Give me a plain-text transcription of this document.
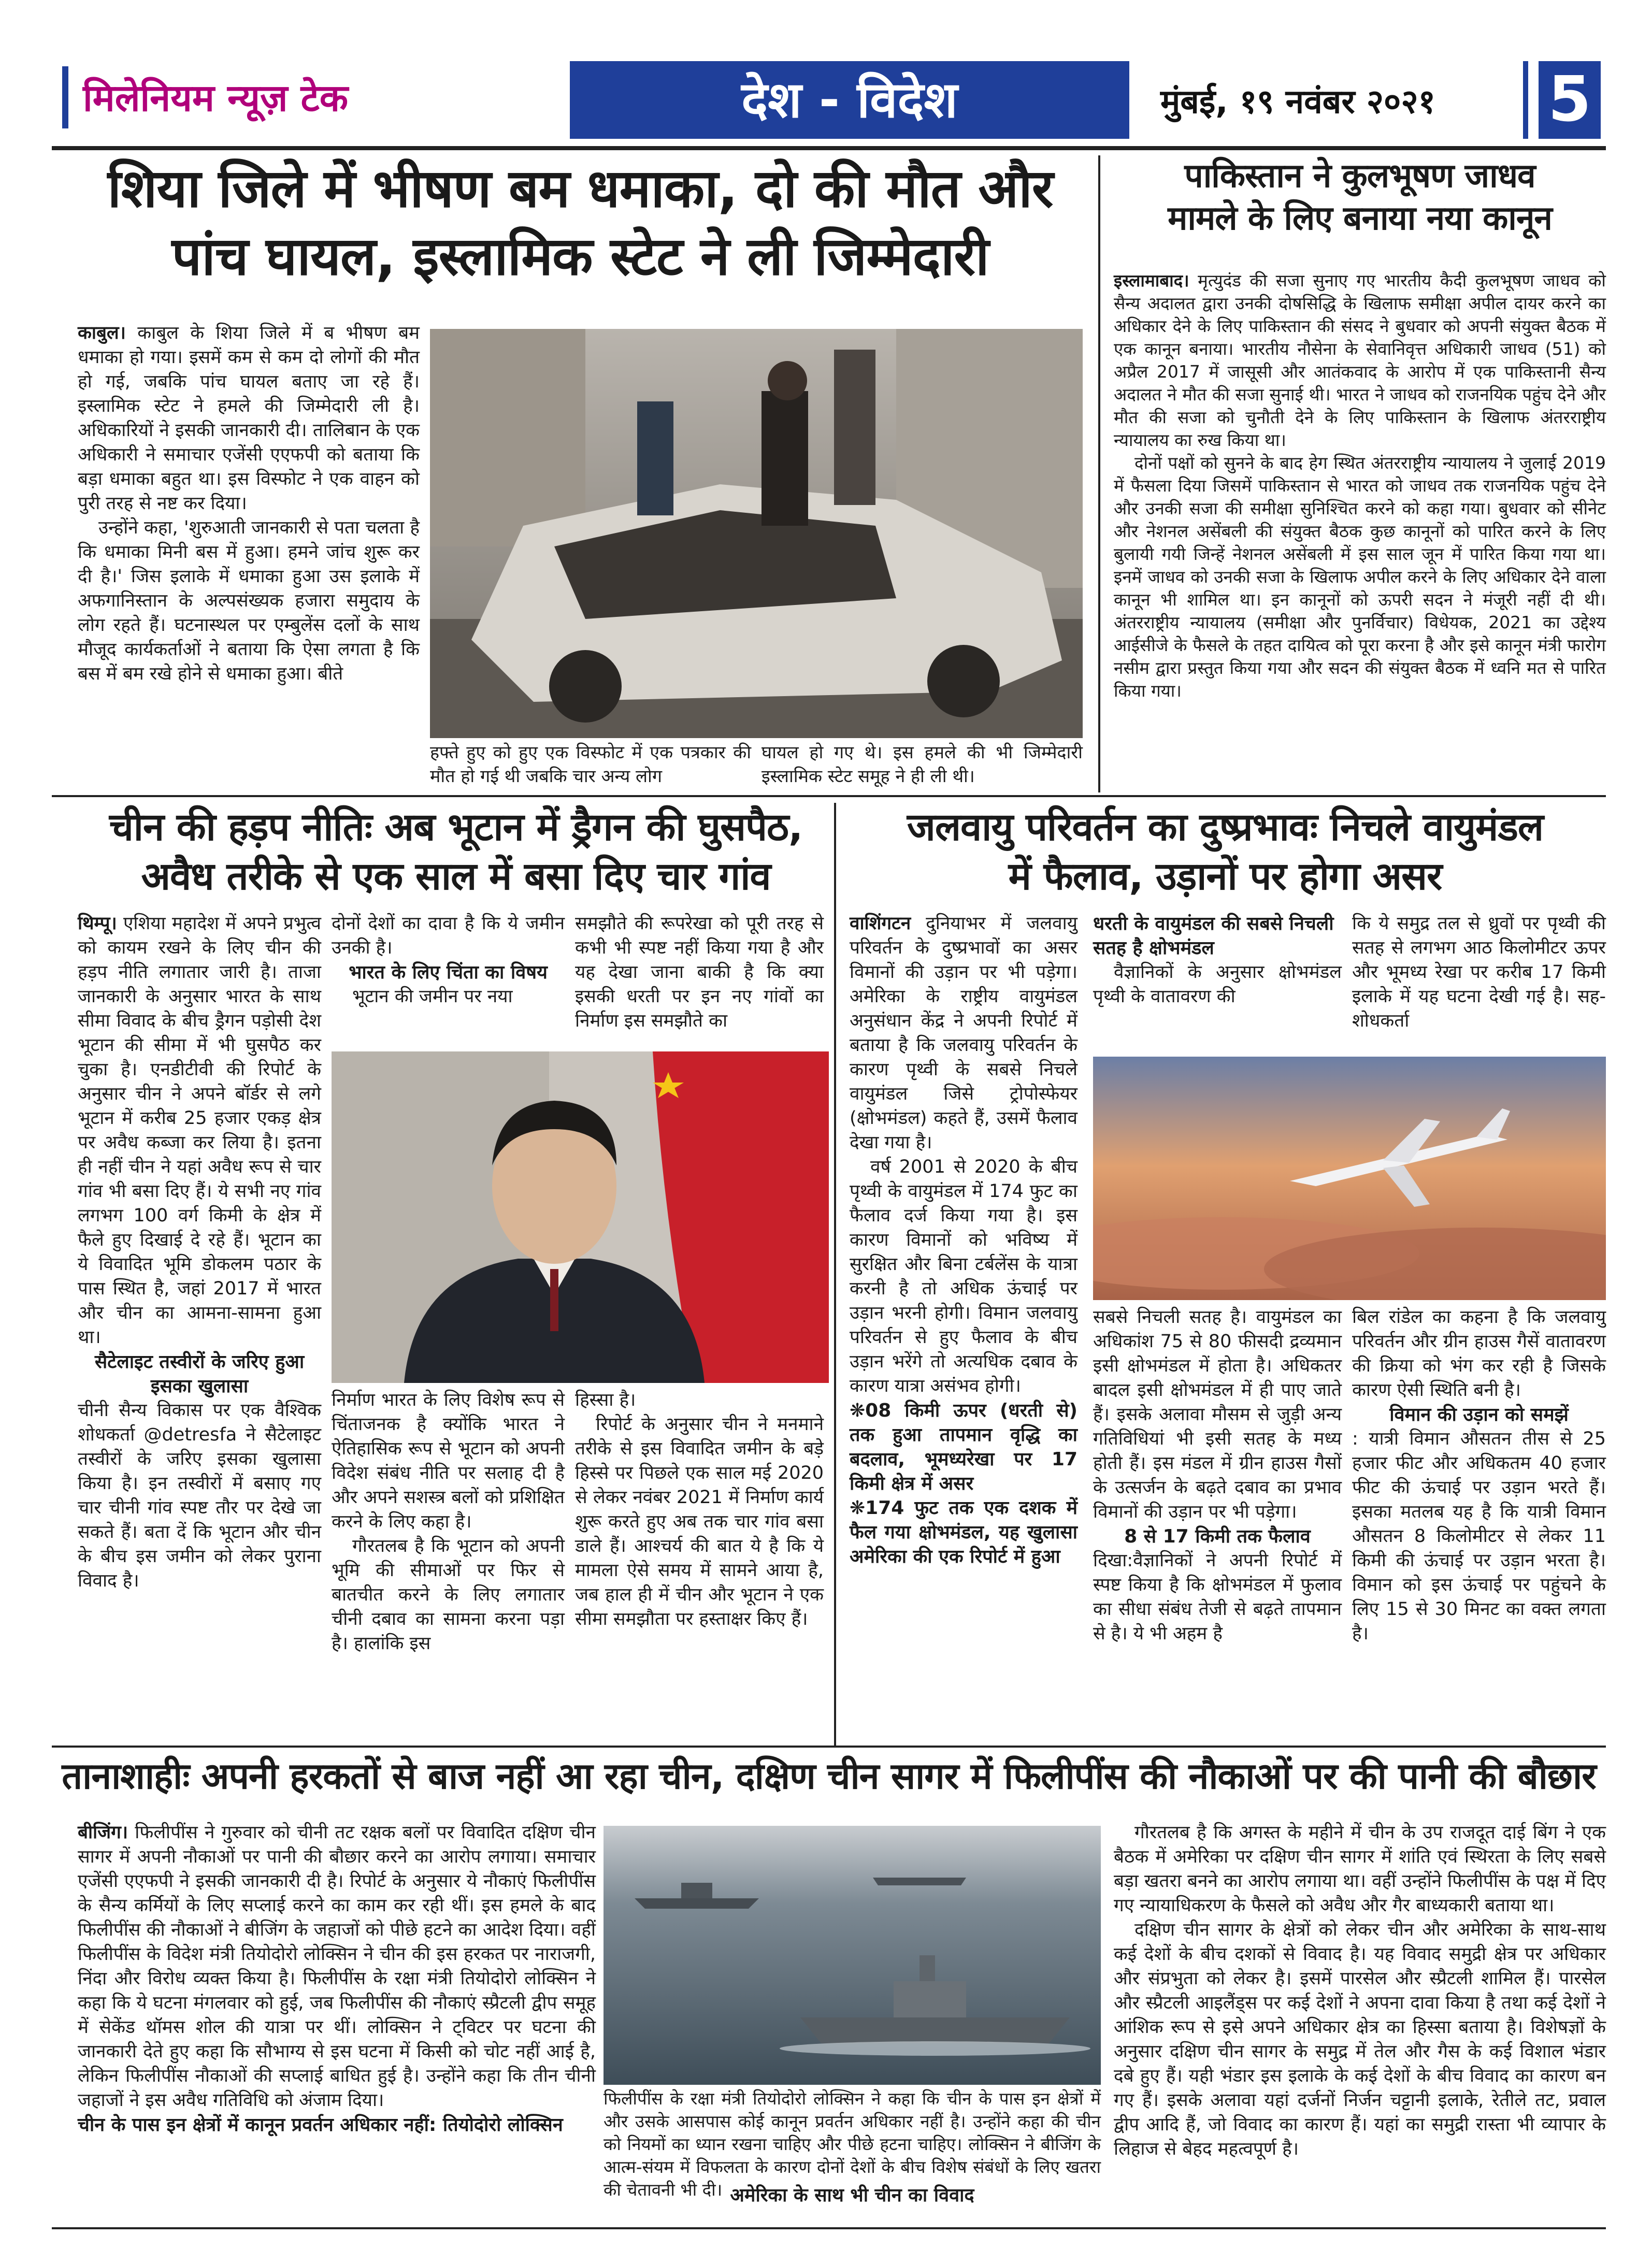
मिलेनियम न्यूज़ टेक	देश - विदेश	मुंबई, १९ नवंबर २०२१ 5

शिया जिले में भीषण बम धमाका, दो की मौत और

पांच घायल, इस्लामिक स्टेट ने ली जिम्मेदारी

काबुल। काबुल के शिया जिले में ब भीषण बम धमाका हो गया। इसमें कम से कम दो लोगों की मौत हो गई, जबकि पांच घायल बताए जा रहे हैं। इस्लामिक स्टेट ने हमले की जिम्मेदारी ली है। अधिकारियों ने इसकी जानकारी दी। तालिबान के एक अधिकारी ने समाचार एजेंसी एएफपी को बताया कि बड़ा धमाका बहुत था। इस विस्फोट ने एक वाहन को पुरी तरह से नष्ट कर दिया।

उन्होंने कहा, 'शुरुआती जानकारी से पता चलता है कि धमाका मिनी बस में हुआ। हमने जांच शुरू कर दी है।' जिस इलाके में धमाका हुआ उस इलाके में अफगानिस्तान के अल्पसंख्यक हजारा समुदाय के लोग रहते हैं। घटनास्थल पर एम्बुलेंस दलों के साथ मौजूद कार्यकर्ताओं ने बताया कि ऐसा लगता है कि बस में बम रखे होने से धमाका हुआ। बीते

हफ्ते हुए को हुए एक विस्फोट में एक पत्रकार की मौत हो गई थी जबकि चार अन्य लोग
घायल हो गए थे। इस हमले की भी जिम्मेदारी इस्लामिक स्टेट समूह ने ही ली थी।

पाकिस्तान ने कुलभूषण जाधव

मामले के लिए बनाया नया कानून

इस्लामाबाद। मृत्युदंड की सजा सुनाए गए भारतीय कैदी कुलभूषण जाधव को सैन्य अदालत द्वारा उनकी दोषसिद्धि के खिलाफ समीक्षा अपील दायर करने का अधिकार देने के लिए पाकिस्तान की संसद ने बुधवार को अपनी संयुक्त बैठक में एक कानून बनाया। भारतीय नौसेना के सेवानिवृत्त अधिकारी जाधव (51) को अप्रैल 2017 में जासूसी और आतंकवाद के आरोप में एक पाकिस्तानी सैन्य अदालत ने मौत की सजा सुनाई थी। भारत ने जाधव को राजनयिक पहुंच देने और मौत की सजा को चुनौती देने के लिए पाकिस्तान के खिलाफ अंतरराष्ट्रीय न्यायालय का रुख किया था।

दोनों पक्षों को सुनने के बाद हेग स्थित अंतरराष्ट्रीय न्यायालय ने जुलाई 2019 में फैसला दिया जिसमें पाकिस्तान से भारत को जाधव तक राजनयिक पहुंच देने और उनकी सजा की समीक्षा सुनिश्चित करने को कहा गया। बुधवार को सीनेट और नेशनल असेंबली की संयुक्त बैठक कुछ कानूनों को पारित करने के लिए बुलायी गयी जिन्हें नेशनल असेंबली में इस साल जून में पारित किया गया था। इनमें जाधव को उनकी सजा के खिलाफ अपील करने के लिए अधिकार देने वाला कानून भी शामिल था। इन कानूनों को ऊपरी सदन ने मंजूरी नहीं दी थी। अंतरराष्ट्रीय न्यायालय (समीक्षा और पुनर्विचार) विधेयक, 2021 का उद्देश्य आईसीजे के फैसले के तहत दायित्व को पूरा करना है और इसे कानून मंत्री फारोग नसीम द्वारा प्रस्तुत किया गया और सदन की संयुक्त बैठक में ध्वनि मत से पारित किया गया।

चीन की हड़प नीतिः अब भूटान में ड्रैगन की घुसपैठ,

अवैध तरीके से एक साल में बसा दिए चार गांव

थिम्पू। एशिया महादेश में अपने प्रभुत्व को कायम रखने के लिए चीन की हड़प नीति लगातार जारी है। ताजा जानकारी के अनुसार भारत के साथ सीमा विवाद के बीच ड्रैगन पड़ोसी देश भूटान की सीमा में भी घुसपैठ कर चुका है। एनडीटीवी की रिपोर्ट के अनुसार चीन ने अपने बॉर्डर से लगे भूटान में करीब 25 हजार एकड़ क्षेत्र पर अवैध कब्जा कर लिया है। इतना ही नहीं चीन ने यहां अवैध रूप से चार गांव भी बसा दिए हैं। ये सभी नए गांव लगभग 100 वर्ग किमी के क्षेत्र में फैले हुए दिखाई दे रहे हैं। भूटान का ये विवादित भूमि डोकलम पठार के पास स्थित है, जहां 2017 में भारत और चीन का आमना-सामना हुआ था।

सैटेलाइट तस्वीरों के जरिए हुआ इसका खुलासा

चीनी सैन्य विकास पर एक वैश्विक शोधकर्ता @detresfa ने सैटेलाइट तस्वीरों के जरिए इसका खुलासा किया है। इन तस्वीरों में बसाए गए चार चीनी गांव स्पष्ट तौर पर देखे जा सकते हैं। बता दें कि भूटान और चीन के बीच इस जमीन को लेकर पुराना विवाद है।

दोनों देशों का दावा है कि ये जमीन उनकी है।

भारत के लिए चिंता का विषय

भूटान की जमीन पर नया

समझौते की रूपरेखा को पूरी तरह से कभी भी स्पष्ट नहीं किया गया है और यह देखा जाना बाकी है कि क्या इसकी धरती पर इन नए गांवों का निर्माण इस समझौते का

निर्माण भारत के लिए विशेष रूप से चिंताजनक है क्योंकि भारत ने ऐतिहासिक रूप से भूटान को अपनी विदेश संबंध नीति पर सलाह दी है और अपने सशस्त्र बलों को प्रशिक्षित करने के लिए कहा है।

गौरतलब है कि भूटान को अपनी भूमि की सीमाओं पर फिर से बातचीत करने के लिए लगातार चीनी दबाव का सामना करना पड़ा है। हालांकि इस

हिस्सा है।

रिपोर्ट के अनुसार चीन ने मनमाने तरीके से इस विवादित जमीन के बड़े हिस्से पर पिछले एक साल मई 2020 से लेकर नवंबर 2021 में निर्माण कार्य शुरू करते हुए अब तक चार गांव बसा डाले हैं। आश्चर्य की बात ये है कि ये मामला ऐसे समय में सामने आया है, जब हाल ही में चीन और भूटान ने एक सीमा समझौता पर हस्ताक्षर किए हैं।

जलवायु परिवर्तन का दुष्प्रभावः निचले वायुमंडल

में फैलाव, उड़ानों पर होगा असर

वाशिंगटन दुनियाभर में जलवायु परिवर्तन के दुष्प्रभावों का असर विमानों की उड़ान पर भी पड़ेगा। अमेरिका के राष्ट्रीय वायुमंडल अनुसंधान केंद्र ने अपनी रिपोर्ट में बताया है कि जलवायु परिवर्तन के कारण पृथ्वी के सबसे निचले वायुमंडल जिसे ट्रोपोस्फेयर (क्षोभमंडल) कहते हैं, उसमें फैलाव देखा गया है।

वर्ष 2001 से 2020 के बीच पृथ्वी के वायुमंडल में 174 फुट का फैलाव दर्ज किया गया है। इस कारण विमानों को भविष्य में सुरक्षित और बिना टर्बलेंस के यात्रा करनी है तो अधिक ऊंचाई पर उड़ान भरनी होगी। विमान जलवायु परिवर्तन से हुए फैलाव के बीच उड़ान भरेंगे तो अत्यधिक दबाव के कारण यात्रा असंभव होगी।

❋08 किमी ऊपर (धरती से) तक हुआ तापमान वृद्धि का बदलाव, भूमध्यरेखा पर 17 किमी क्षेत्र में असर

❋174 फुट तक एक दशक में फैल गया क्षोभमंडल, यह खुलासा अमेरिका की एक रिपोर्ट में हुआ

धरती के वायुमंडल की सबसे निचली सतह है क्षोभमंडल

वैज्ञानिकों के अनुसार क्षोभमंडल पृथ्वी के वातावरण की

कि ये समुद्र तल से ध्रुवों पर पृथ्वी की सतह से लगभग आठ किलोमीटर ऊपर और भूमध्य रेखा पर करीब 17 किमी इलाके में यह घटना देखी गई है। सह-शोधकर्ता

सबसे निचली सतह है। वायुमंडल का अधिकांश 75 से 80 फीसदी द्रव्यमान इसी क्षोभमंडल में होता है। अधिकतर बादल इसी क्षोभमंडल में ही पाए जाते हैं। इसके अलावा मौसम से जुड़ी अन्य गतिविधियां भी इसी सतह के मध्य होती हैं। इस मंडल में ग्रीन हाउस गैसों के उत्सर्जन के बढ़ते दबाव का प्रभाव विमानों की उड़ान पर भी पड़ेगा।

8 से 17 किमी तक फैलाव

दिखा:वैज्ञानिकों ने अपनी रिपोर्ट में स्पष्ट किया है कि क्षोभमंडल में फुलाव का सीधा संबंध तेजी से बढ़ते तापमान से है। ये भी अहम है

बिल रांडेल का कहना है कि जलवायु परिवर्तन और ग्रीन हाउस गैसें वातावरण की क्रिया को भंग कर रही है जिसके कारण ऐसी स्थिति बनी है।

विमान की उड़ान को समझें

: यात्री विमान औसतन तीस से 25 हजार फीट और अधिकतम 40 हजार फीट की ऊंचाई पर उड़ान भरते हैं। इसका मतलब यह है कि यात्री विमान औसतन 8 किलोमीटर से लेकर 11 किमी की ऊंचाई पर उड़ान भरता है। विमान को इस ऊंचाई पर पहुंचने के लिए 15 से 30 मिनट का वक्त लगता है।

तानाशाहीः अपनी हरकतों से बाज नहीं आ रहा चीन, दक्षिण चीन सागर में फिलीपींस की नौकाओं पर की पानी की बौछार

बीजिंग। फिलीपींस ने गुरुवार को चीनी तट रक्षक बलों पर विवादित दक्षिण चीन सागर में अपनी नौकाओं पर पानी की बौछार करने का आरोप लगाया। समाचार एजेंसी एएफपी ने इसकी जानकारी दी है। रिपोर्ट के अनुसार ये नौकाएं फिलीपींस के सैन्य कर्मियों के लिए सप्लाई करने का काम कर रही थीं। इस हमले के बाद फिलीपींस की नौकाओं ने बीजिंग के जहाजों को पीछे हटने का आदेश दिया। वहीं फिलीपींस के विदेश मंत्री तियोदोरो लोक्सिन ने चीन की इस हरकत पर नाराजगी, निंदा और विरोध व्यक्त किया है। फिलीपींस के रक्षा मंत्री तियोदोरो लोक्सिन ने कहा कि ये घटना मंगलवार को हुई, जब फिलीपींस की नौकाएं स्प्रैटली द्वीप समूह में सेकेंड थॉमस शोल की यात्रा पर थीं। लोक्सिन ने ट्विटर पर घटना की जानकारी देते हुए कहा कि सौभाग्य से इस घटना में किसी को चोट नहीं आई है, लेकिन फिलीपींस नौकाओं की सप्लाई बाधित हुई है। उन्होंने कहा कि तीन चीनी जहाजों ने इस अवैध गतिविधि को अंजाम दिया।

चीन के पास इन क्षेत्रों में कानून प्रवर्तन अधिकार नहीं: तियोदोरो लोक्सिन

फिलीपींस के रक्षा मंत्री तियोदोरो लोक्सिन ने कहा कि चीन के पास इन क्षेत्रों में और उसके आसपास कोई कानून प्रवर्तन अधिकार नहीं है। उन्होंने कहा की चीन को नियमों का ध्यान रखना चाहिए और पीछे हटना चाहिए। लोक्सिन ने बीजिंग के आत्म-संयम में विफलता के कारण दोनों देशों के बीच विशेष संबंधों के लिए खतरा की चेतावनी भी दी। अमेरिका के साथ भी चीन का विवाद

गौरतलब है कि अगस्त के महीने में चीन के उप राजदूत दाई बिंग ने एक बैठक में अमेरिका पर दक्षिण चीन सागर में शांति एवं स्थिरता के लिए सबसे बड़ा खतरा बनने का आरोप लगाया था। वहीं उन्होंने फिलीपींस के पक्ष में दिए गए न्यायाधिकरण के फैसले को अवैध और गैर बाध्यकारी बताया था।

दक्षिण चीन सागर के क्षेत्रों को लेकर चीन और अमेरिका के साथ-साथ कई देशों के बीच दशकों से विवाद है। यह विवाद समुद्री क्षेत्र पर अधिकार और संप्रभुता को लेकर है। इसमें पारसेल और स्प्रैटली शामिल हैं। पारसेल और स्प्रैटली आइलैंड्स पर कई देशों ने अपना दावा किया है तथा कई देशों ने आंशिक रूप से इसे अपने अधिकार क्षेत्र का हिस्सा बताया है। विशेषज्ञों के अनुसार दक्षिण चीन सागर के समुद्र में तेल और गैस के कई विशाल भंडार दबे हुए हैं। यही भंडार इस इलाके के कई देशों के बीच विवाद का कारण बन गए हैं। इसके अलावा यहां दर्जनों निर्जन चट्टानी इलाके, रेतीले तट, प्रवाल द्वीप आदि हैं, जो विवाद का कारण हैं। यहां का समुद्री रास्ता भी व्यापार के लिहाज से बेहद महत्वपूर्ण है।
